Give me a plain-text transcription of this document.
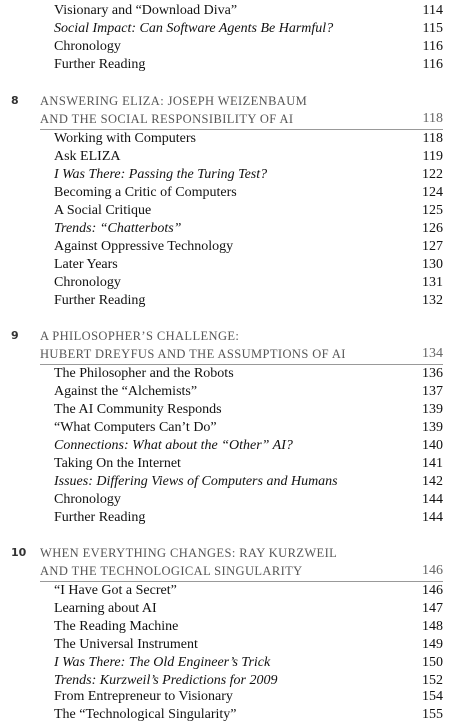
Visionary and “Download Diva”	114
Social Impact: Can Software Agents Be Harmful?	115
Chronology	116
Further Reading	116
8 ANSWERING ELIZA: JOSEPH WEIZENBAUM
AND THE SOCIAL RESPONSIBILITY OF AI	118
Working with Computers	118
Ask ELIZA	119
I Was There: Passing the Turing Test?	122
Becoming a Critic of Computers	124
A Social Critique	125
Trends: “Chatterbots”	126
Against Oppressive Technology	127
Later Years	130
Chronology	131
Further Reading	132
9 A PHILOSOPHER’S CHALLENGE:
HUBERT DREYFUS AND THE ASSUMPTIONS OF AI	134
The Philosopher and the Robots	136
Against the “Alchemists”	137
The AI Community Responds	139
“What Computers Can’t Do”	139
Connections: What about the “Other” AI?	140
Taking On the Internet	141
Issues: Differing Views of Computers and Humans	142
Chronology	144
Further Reading	144
10 WHEN EVERYTHING CHANGES: RAY KURZWEIL
AND THE TECHNOLOGICAL SINGULARITY	146
“I Have Got a Secret”	146
Learning about AI	147
The Reading Machine	148
The Universal Instrument	149
I Was There: The Old Engineer’s Trick	150
Trends: Kurzweil’s Predictions for 2009	152
From Entrepreneur to Visionary	154
The “Technological Singularity”	155
